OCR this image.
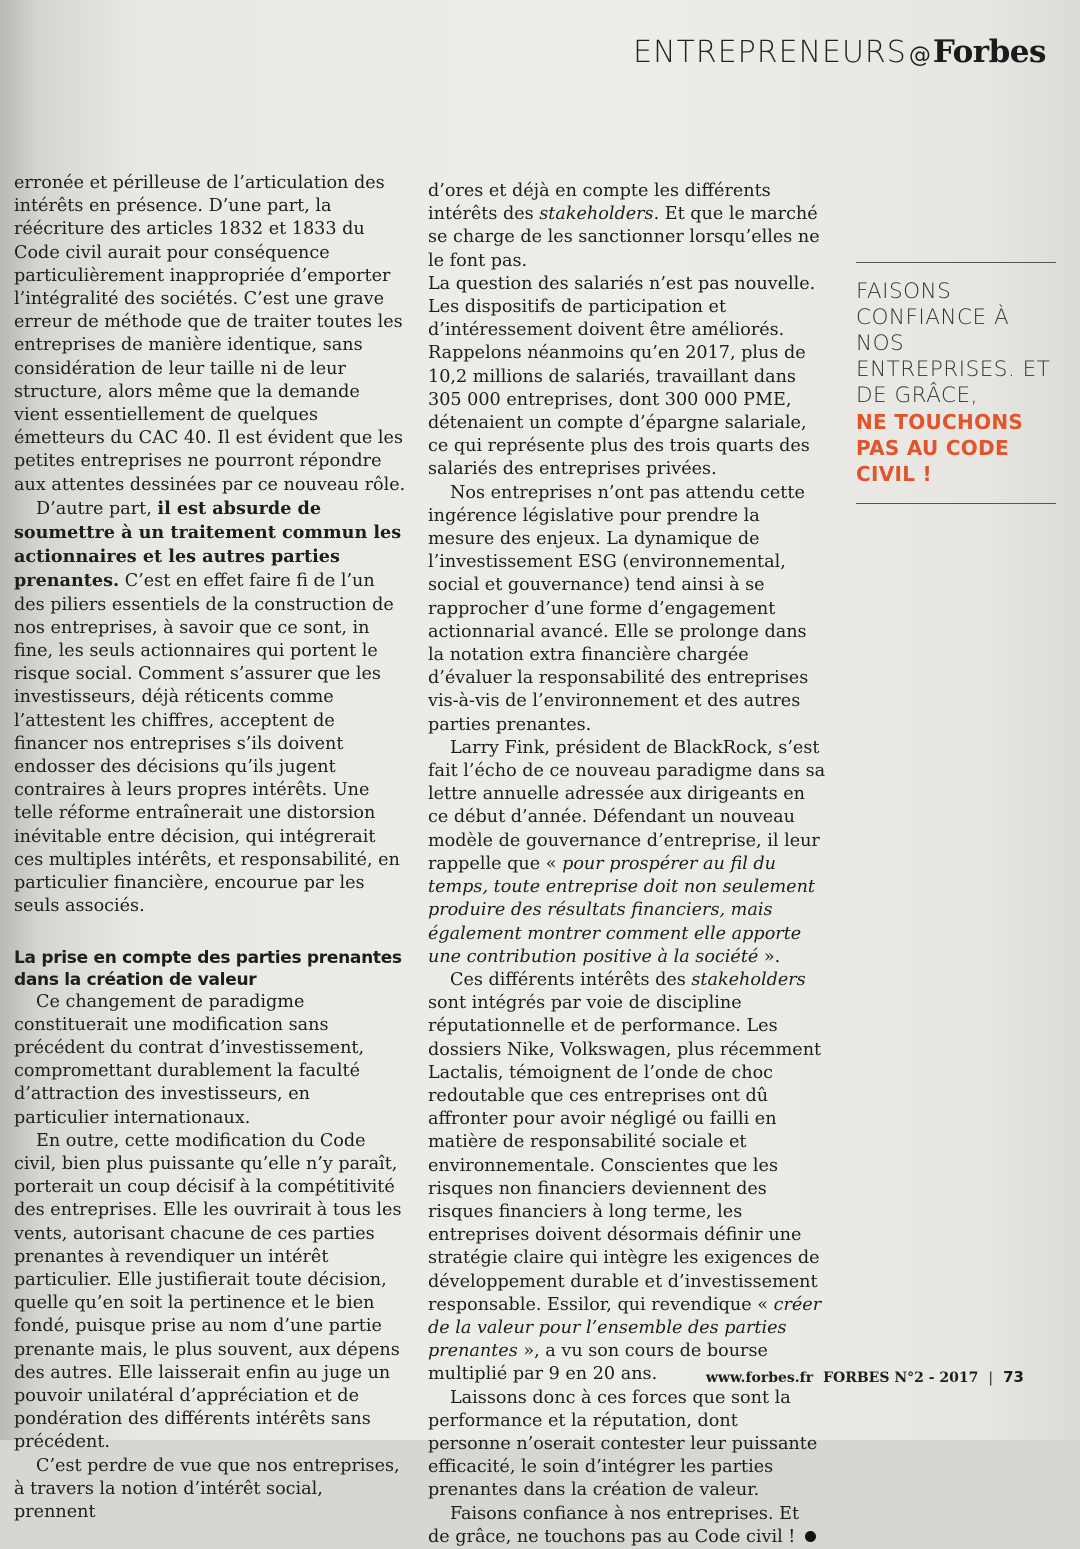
ENTREPRENEURS @ Forbes

erronée et périlleuse de l’articulation des intérêts en présence. D’une part, la réécriture des articles 1832 et 1833 du Code civil aurait pour conséquence particulièrement inappropriée d’emporter l’intégralité des sociétés. C’est une grave erreur de méthode que de traiter toutes les entreprises de manière identique, sans considération de leur taille ni de leur structure, alors même que la demande vient essentiellement de quelques émetteurs du CAC 40. Il est évident que les petites entreprises ne pourront répondre aux attentes dessinées par ce nouveau rôle.

D’autre part, il est absurde de soumettre à un traitement commun les actionnaires et les autres parties prenantes. C’est en effet faire fi de l’un des piliers essentiels de la construction de nos entreprises, à savoir que ce sont, in fine, les seuls actionnaires qui portent le risque social. Comment s’assurer que les investisseurs, déjà réticents comme l’attestent les chiffres, acceptent de financer nos entreprises s’ils doivent endosser des décisions qu’ils jugent contraires à leurs propres intérêts. Une telle réforme entraînerait une distorsion inévitable entre décision, qui intégrerait ces multiples intérêts, et responsabilité, en particulier financière, encourue par les seuls associés.

La prise en compte des parties prenantes dans la création de valeur

Ce changement de paradigme constituerait une modification sans précédent du contrat d’investissement, compromettant durablement la faculté d’attraction des investisseurs, en particulier internationaux.

En outre, cette modification du Code civil, bien plus puissante qu’elle n’y paraît, porterait un coup décisif à la compétitivité des entreprises. Elle les ouvrirait à tous les vents, autorisant chacune de ces parties prenantes à revendiquer un intérêt particulier. Elle justifierait toute décision, quelle qu’en soit la pertinence et le bien fondé, puisque prise au nom d’une partie prenante mais, le plus souvent, aux dépens des autres. Elle laisserait enfin au juge un pouvoir unilatéral d’appréciation et de pondération des différents intérêts sans précédent.

C’est perdre de vue que nos entreprises, à travers la notion d’intérêt social, prennent

d’ores et déjà en compte les différents intérêts des stakeholders. Et que le marché se charge de les sanctionner lorsqu’elles ne le font pas.

La question des salariés n’est pas nouvelle. Les dispositifs de participation et d’intéressement doivent être améliorés. Rappelons néanmoins qu’en 2017, plus de 10,2 millions de salariés, travaillant dans 305 000 entreprises, dont 300 000 PME, détenaient un compte d’épargne salariale, ce qui représente plus des trois quarts des salariés des entreprises privées.

Nos entreprises n’ont pas attendu cette ingérence législative pour prendre la mesure des enjeux. La dynamique de l’investissement ESG (environnemental, social et gouvernance) tend ainsi à se rapprocher d’une forme d’engagement actionnarial avancé. Elle se prolonge dans la notation extra financière chargée d’évaluer la responsabilité des entreprises vis-à-vis de l’environnement et des autres parties prenantes.

Larry Fink, président de BlackRock, s’est fait l’écho de ce nouveau paradigme dans sa lettre annuelle adressée aux dirigeants en ce début d’année. Défendant un nouveau modèle de gouvernance d’entreprise, il leur rappelle que « pour prospérer au fil du temps, toute entreprise doit non seulement produire des résultats financiers, mais également montrer comment elle apporte une contribution positive à la société ».

Ces différents intérêts des stakeholders sont intégrés par voie de discipline réputationnelle et de performance. Les dossiers Nike, Volkswagen, plus récemment Lactalis, témoignent de l’onde de choc redoutable que ces entreprises ont dû affronter pour avoir négligé ou failli en matière de responsabilité sociale et environnementale. Conscientes que les risques non financiers deviennent des risques financiers à long terme, les entreprises doivent désormais définir une stratégie claire qui intègre les exigences de développement durable et d’investissement responsable. Essilor, qui revendique « créer de la valeur pour l’ensemble des parties prenantes », a vu son cours de bourse multiplié par 9 en 20 ans.

Laissons donc à ces forces que sont la performance et la réputation, dont personne n’oserait contester leur puissante efficacité, le soin d’intégrer les parties prenantes dans la création de valeur.

Faisons confiance à nos entreprises. Et de grâce, ne touchons pas au Code civil !

FAISONS CONFIANCE À NOS ENTREPRISES. ET DE GRÂCE,
NE TOUCHONS PAS AU CODE CIVIL !
www.forbes.fr FORBES N°2 - 2017 | 73
